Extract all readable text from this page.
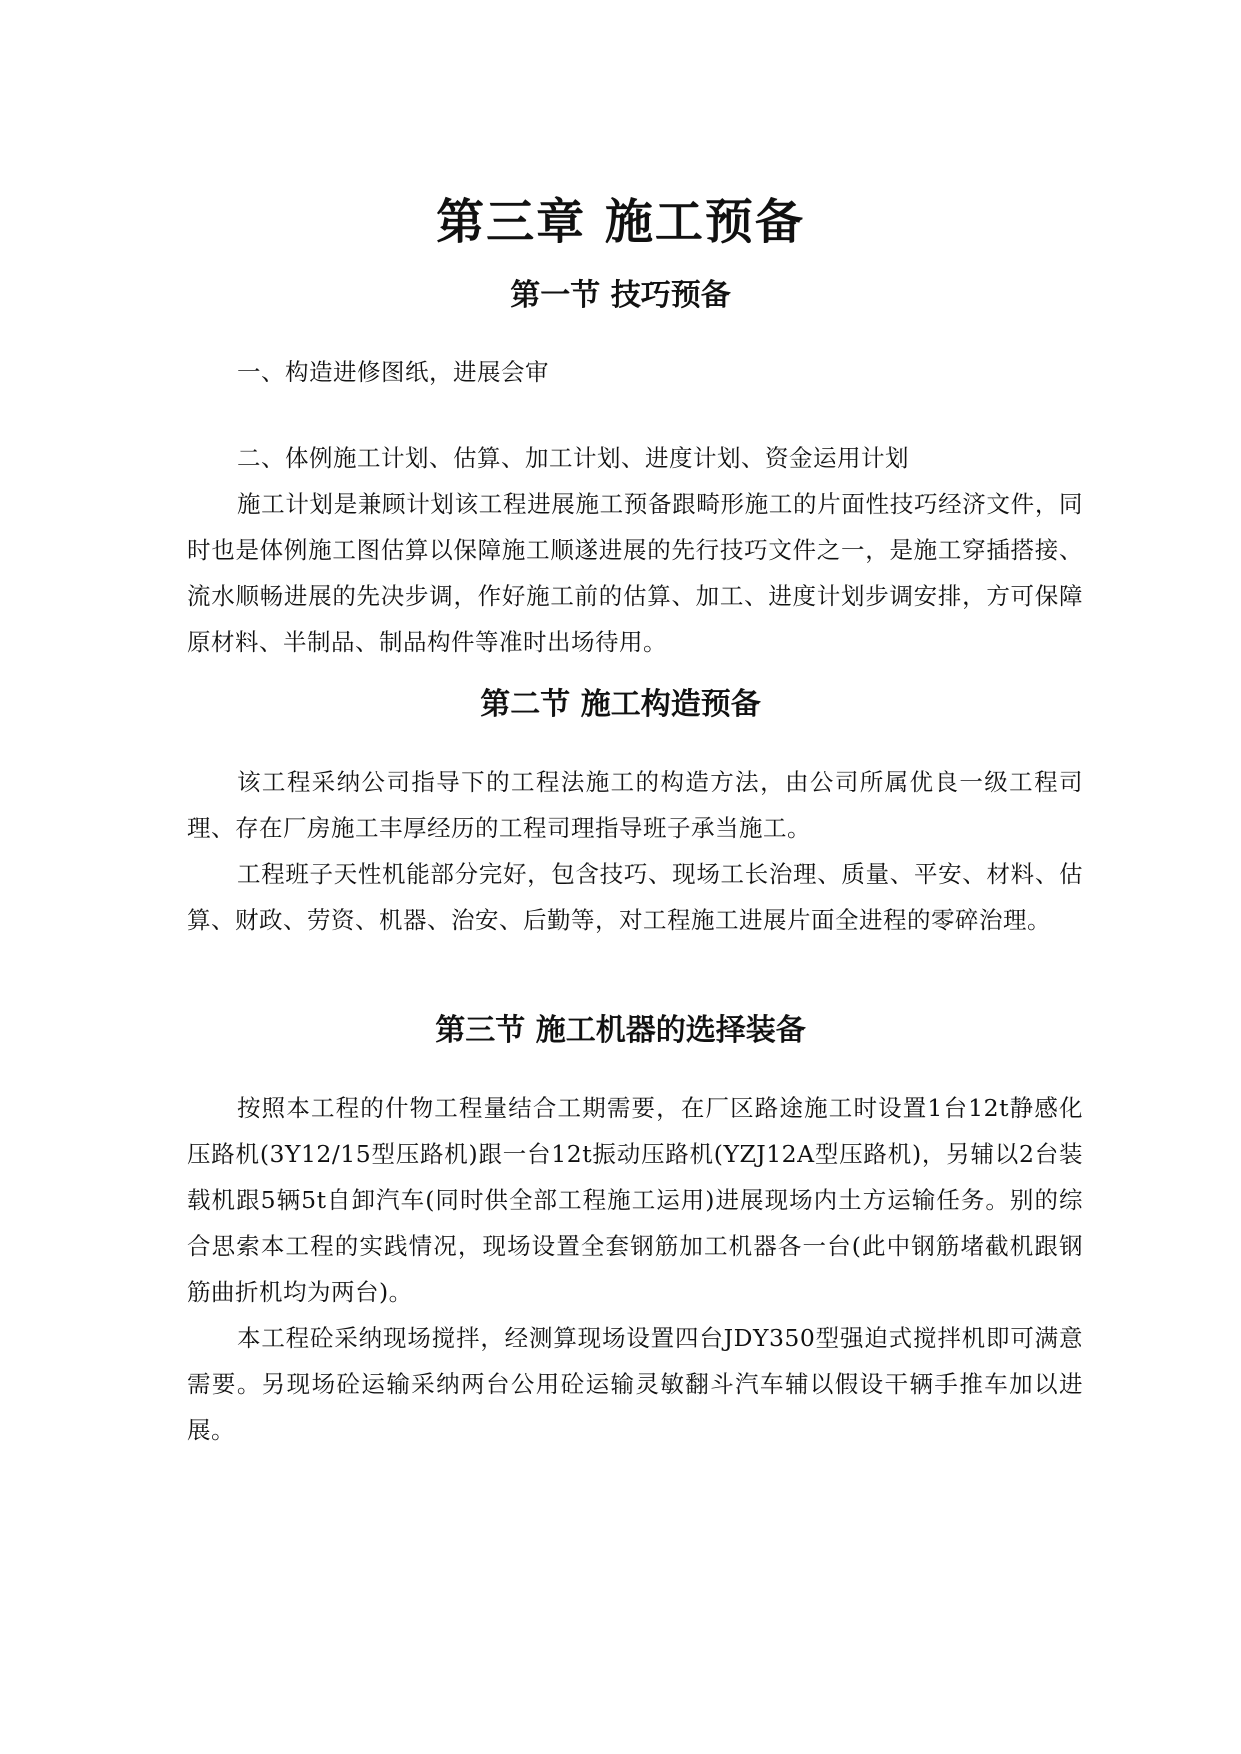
第三章 施工预备
第一节 技巧预备

一、构造进修图纸，进展会审

二、体例施工计划、估算、加工计划、进度计划、资金运用计划

施工计划是兼顾计划该工程进展施工预备跟畸形施工的片面性技巧经济文件，同时也是体例施工图估算以保障施工顺遂进展的先行技巧文件之一，是施工穿插搭接、流水顺畅进展的先决步调，作好施工前的估算、加工、进度计划步调安排，方可保障原材料、半制品、制品构件等准时出场待用。

第二节 施工构造预备

该工程采纳公司指导下的工程法施工的构造方法，由公司所属优良一级工程司理、存在厂房施工丰厚经历的工程司理指导班子承当施工。

工程班子天性机能部分完好，包含技巧、现场工长治理、质量、平安、材料、估算、财政、劳资、机器、治安、后勤等，对工程施工进展片面全进程的零碎治理。

第三节 施工机器的选择装备

按照本工程的什物工程量结合工期需要，在厂区路途施工时设置1台12t静感化压路机(3Y12/15型压路机)跟一台12t振动压路机(YZJ12A型压路机)，另辅以2台装载机跟5辆5t自卸汽车(同时供全部工程施工运用)进展现场内土方运输任务。别的综合思索本工程的实践情况，现场设置全套钢筋加工机器各一台(此中钢筋堵截机跟钢筋曲折机均为两台)。

本工程砼采纳现场搅拌，经测算现场设置四台JDY350型强迫式搅拌机即可满意需要。另现场砼运输采纳两台公用砼运输灵敏翻斗汽车辅以假设干辆手推车加以进展。
